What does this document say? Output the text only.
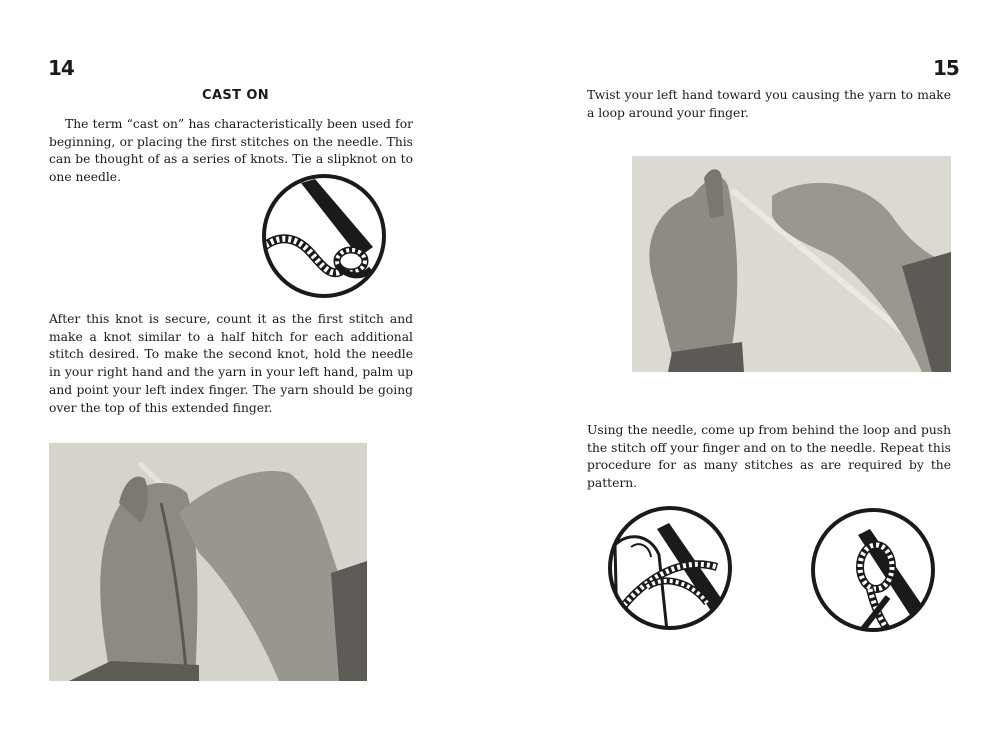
14
CAST ON

The term “cast on” has characteristically been used for beginning, or placing the first stitches on the needle. This can be thought of as a series of knots. Tie a slipknot on to one needle.

After this knot is secure, count it as the first stitch and make a knot similar to a half hitch for each additional stitch desired. To make the second knot, hold the needle in your right hand and the yarn in your left hand, palm up and point your left index finger. The yarn should be going over the top of this extended finger.

15

Twist your left hand toward you causing the yarn to make a loop around your finger.

Using the needle, come up from behind the loop and push the stitch off your finger and on to the needle. Repeat this procedure for as many stitches as are required by the pattern.
